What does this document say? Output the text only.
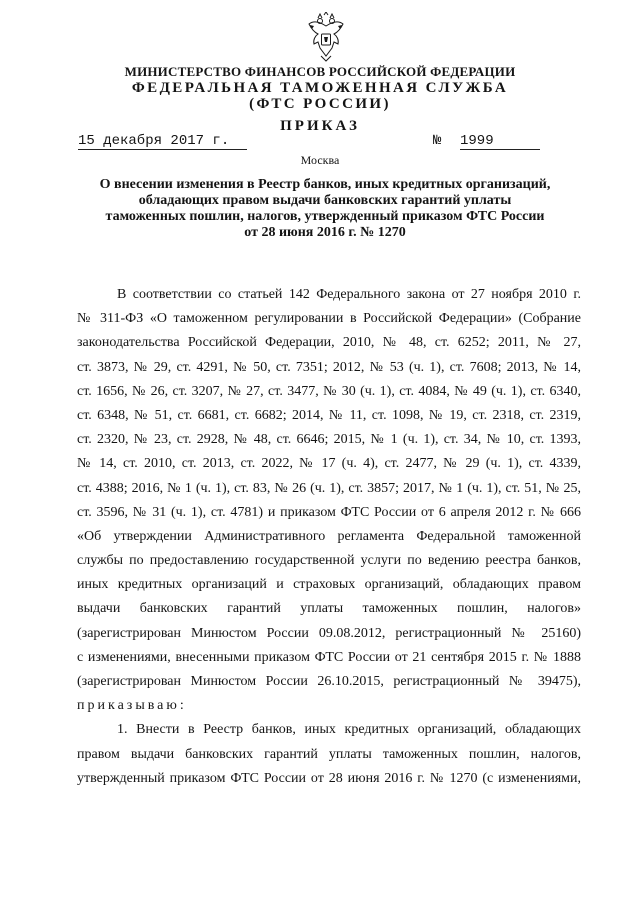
МИНИСТЕРСТВО ФИНАНСОВ РОССИЙСКОЙ ФЕДЕРАЦИИ
ФЕДЕРАЛЬНАЯ ТАМОЖЕННАЯ СЛУЖБА
(ФТС РОССИИ)
ПРИКАЗ
15 декабря 2017 г.	№ 1999
Москва
О внесении изменения в Реестр банков, иных кредитных организаций,
обладающих правом выдачи банковских гарантий уплаты
таможенных пошлин, налогов, утвержденный приказом ФТС России
от 28 июня 2016 г. № 1270
В соответствии со статьей 142 Федерального закона от 27 ноября 2010 г.
№ 311-ФЗ «О таможенном регулировании в Российской Федерации» (Собрание
законодательства Российской Федерации, 2010, № 48, ст. 6252; 2011, № 27,
ст. 3873, № 29, ст. 4291, № 50, ст. 7351; 2012, № 53 (ч. 1), ст. 7608; 2013, № 14,
ст. 1656, № 26, ст. 3207, № 27, ст. 3477, № 30 (ч. 1), ст. 4084, № 49 (ч. 1), ст. 6340,
ст. 6348, № 51, ст. 6681, ст. 6682; 2014, № 11, ст. 1098, № 19, ст. 2318, ст. 2319,
ст. 2320, № 23, ст. 2928, № 48, ст. 6646; 2015, № 1 (ч. 1), ст. 34, № 10, ст. 1393,
№ 14, ст. 2010, ст. 2013, ст. 2022, № 17 (ч. 4), ст. 2477, № 29 (ч. 1), ст. 4339,
ст. 4388; 2016, № 1 (ч. 1), ст. 83, № 26 (ч. 1), ст. 3857; 2017, № 1 (ч. 1), ст. 51, № 25,
ст. 3596, № 31 (ч. 1), ст. 4781) и приказом ФТС России от 6 апреля 2012 г. № 666
«Об утверждении Административного регламента Федеральной таможенной
службы по предоставлению государственной услуги по ведению реестра банков,
иных кредитных организаций и страховых организаций, обладающих правом
выдачи банковских гарантий уплаты таможенных пошлин, налогов»
(зарегистрирован Минюстом России 09.08.2012, регистрационный № 25160)
с изменениями, внесенными приказом ФТС России от 21 сентября 2015 г. № 1888
(зарегистрирован Минюстом России 26.10.2015, регистрационный № 39475),
приказываю:
1. Внести в Реестр банков, иных кредитных организаций, обладающих
правом выдачи банковских гарантий уплаты таможенных пошлин, налогов,
утвержденный приказом ФТС России от 28 июня 2016 г. № 1270 (с изменениями,
